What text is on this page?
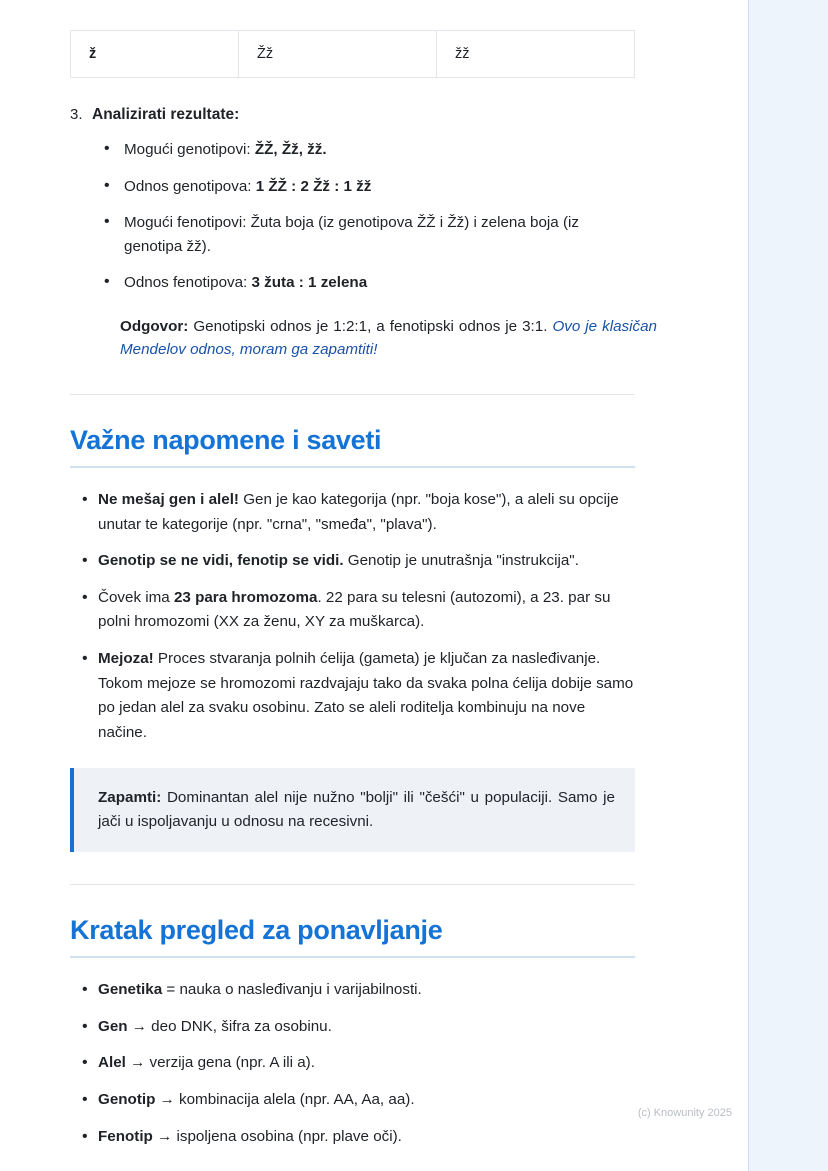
ž	Žž	žž
3. Analizirati rezultate:
• Mogući genotipovi: ŽŽ, Žž, žž.
• Odnos genotipova: 1 ŽŽ : 2 Žž : 1 žž
• Mogući fenotipovi: Žuta boja (iz genotipova ŽŽ i Žž) i zelena boja (iz genotipa žž).
• Odnos fenotipova: 3 žuta : 1 zelena

Odgovor: Genotipski odnos je 1:2:1, a fenotipski odnos je 3:1. Ovo je klasičan Mendelov odnos, moram ga zapamtiti!

Važne napomene i saveti
• Ne mešaj gen i alel! Gen je kao kategorija (npr. "boja kose"), a aleli su opcije unutar te kategorije (npr. "crna", "smeđa", "plava").
• Genotip se ne vidi, fenotip se vidi. Genotip je unutrašnja "instrukcija".
• Čovek ima 23 para hromozoma. 22 para su telesni (autozomi), a 23. par su polni hromozomi (XX za ženu, XY za muškarca).
• Mejoza! Proces stvaranja polnih ćelija (gameta) je ključan za nasleđivanje. Tokom mejoze se hromozomi razdvajaju tako da svaka polna ćelija dobije samo po jedan alel za svaku osobinu. Zato se aleli roditelja kombinuju na nove načine.

Zapamti: Dominantan alel nije nužno "bolji" ili "češći" u populaciji. Samo je jači u ispoljavanju u odnosu na recesivni.

Kratak pregled za ponavljanje
• Genetika = nauka o nasleđivanju i varijabilnosti.
• Gen → deo DNK, šifra za osobinu.
• Alel → verzija gena (npr. A ili a).
• Genotip → kombinacija alela (npr. AA, Aa, aa).
• Fenotip → ispoljena osobina (npr. plave oči).
(c) Knowunity 2025
